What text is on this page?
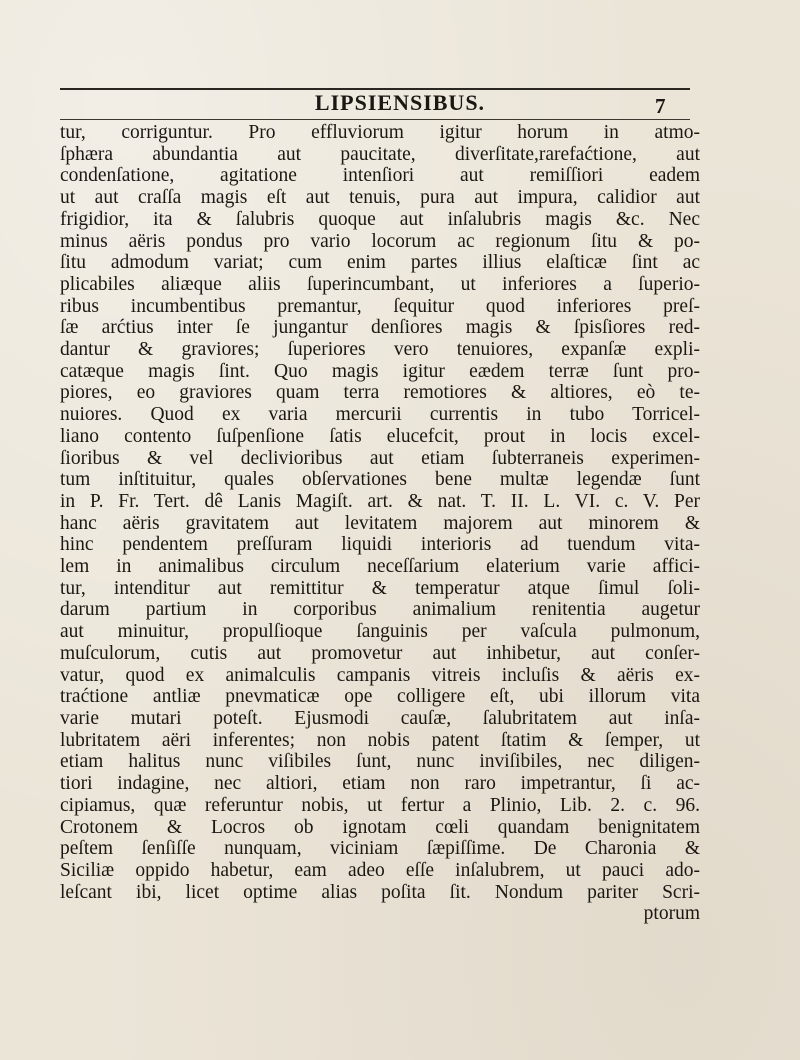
LIPSIENSIBUS.	7
tur, corriguntur. Pro effluviorum igitur horum in atmo-
ſphæra abundantia aut paucitate, diverſitate,rarefaćtione, aut
condenſatione, agitatione intenſiori aut remiſſiori eadem
ut aut craſſa magis eſt aut tenuis, pura aut impura, calidior aut
frigidior, ita & ſalubris quoque aut inſalubris magis &c. Nec
minus aëris pondus pro vario locorum ac regionum ſitu & po-
ſitu admodum variat; cum enim partes illius elaſticæ ſint ac
plicabiles aliæque aliis ſuperincumbant, ut inferiores a ſuperio-
ribus incumbentibus premantur, ſequitur quod inferiores preſ-
ſæ arćtius inter ſe jungantur denſiores magis & ſpisſiores red-
dantur & graviores; ſuperiores vero tenuiores, expanſæ expli-
catæque magis ſint. Quo magis igitur eædem terræ ſunt pro-
piores, eo graviores quam terra remotiores & altiores, eò te-
nuiores. Quod ex varia mercurii currentis in tubo Torricel-
liano contento ſuſpenſione ſatis elucefcit, prout in locis excel-
ſioribus & vel declivioribus aut etiam ſubterraneis experimen-
tum inſtituitur, quales obſervationes bene multæ legendæ ſunt
in P. Fr. Tert. dê Lanis Magiſt. art. & nat. T. II. L. VI. c. V. Per
hanc aëris gravitatem aut levitatem majorem aut minorem &
hinc pendentem preſſuram liquidi interioris ad tuendum vita-
lem in animalibus circulum neceſſarium elaterium varie affici-
tur, intenditur aut remittitur & temperatur atque ſimul ſoli-
darum partium in corporibus animalium renitentia augetur
aut minuitur, propulſioque ſanguinis per vaſcula pulmonum,
muſculorum, cutis aut promovetur aut inhibetur, aut conſer-
vatur, quod ex animalculis campanis vitreis incluſis & aëris ex-
traćtione antliæ pnevmaticæ ope colligere eſt, ubi illorum vita
varie mutari poteſt. Ejusmodi cauſæ, ſalubritatem aut inſa-
lubritatem aëri inferentes; non nobis patent ſtatim & ſemper, ut
etiam halitus nunc viſibiles ſunt, nunc inviſibiles, nec diligen-
tiori indagine, nec altiori, etiam non raro impetrantur, ſi ac-
cipiamus, quæ referuntur nobis, ut fertur a Plinio, Lib. 2. c. 96.
Crotonem & Locros ob ignotam cœli quandam benignitatem
peſtem ſenſiſſe nunquam, viciniam ſæpiſſime. De Charonia &
Siciliæ oppido habetur, eam adeo eſſe inſalubrem, ut pauci ado-
leſcant ibi, licet optime alias poſita ſit. Nondum pariter Scri-
ptorum
